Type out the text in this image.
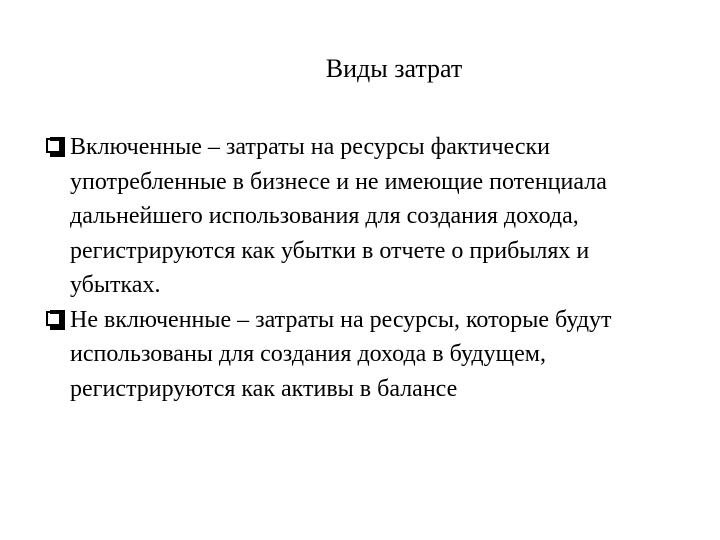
Виды затрат
Включенные – затраты на ресурсы фактически употребленные в бизнесе и не имеющие потенциала дальнейшего использования для создания дохода, регистрируются как убытки в отчете о прибылях и убытках.
Не включенные – затраты на ресурсы, которые будут использованы для создания дохода в будущем, регистрируются как активы в балансе
